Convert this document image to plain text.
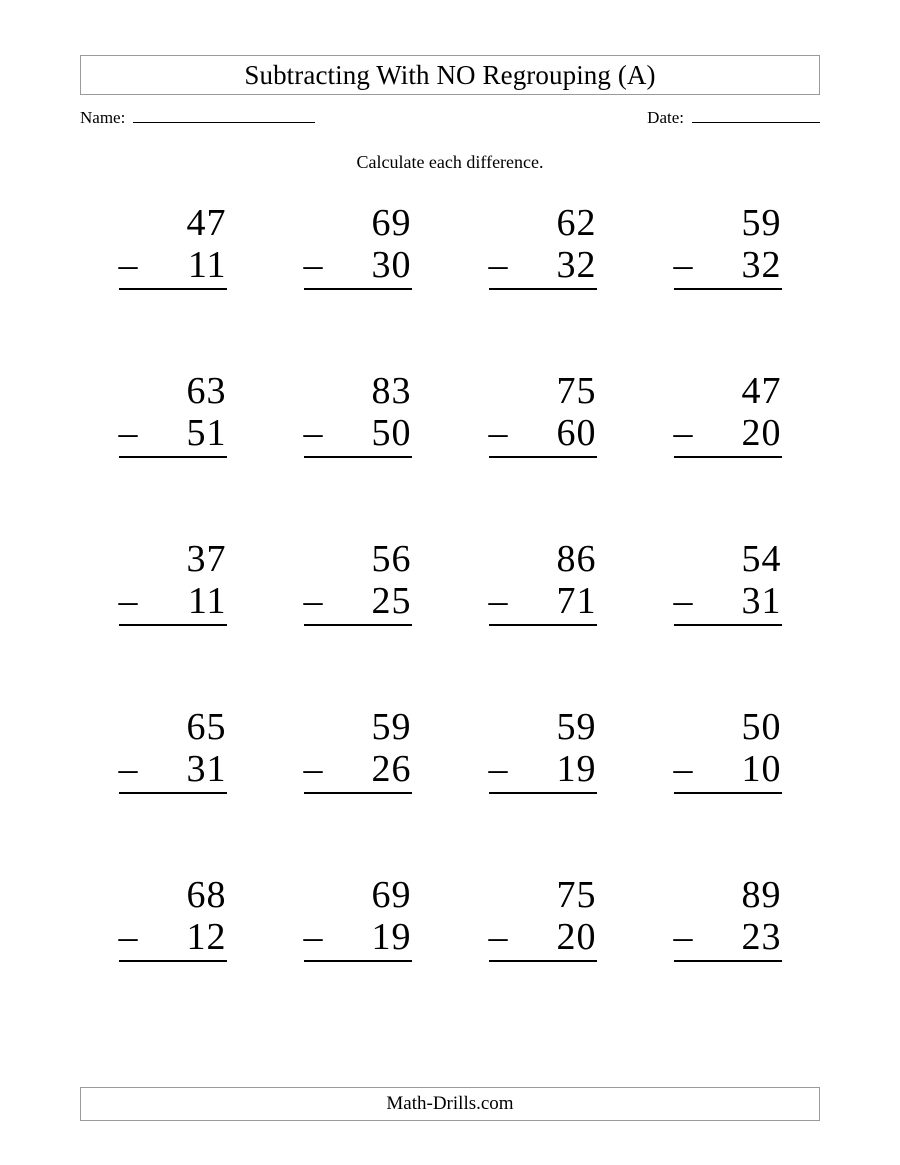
Subtracting With NO Regrouping (A)
Name:	Date:
Calculate each difference.
47
– 11
69
– 30
62
– 32
59
– 32
63
– 51
83
– 50
75
– 60
47
– 20
37
– 11
56
– 25
86
– 71
54
– 31
65
– 31
59
– 26
59
– 19
50
– 10
68
– 12
69
– 19
75
– 20
89
– 23
Math-Drills.com
